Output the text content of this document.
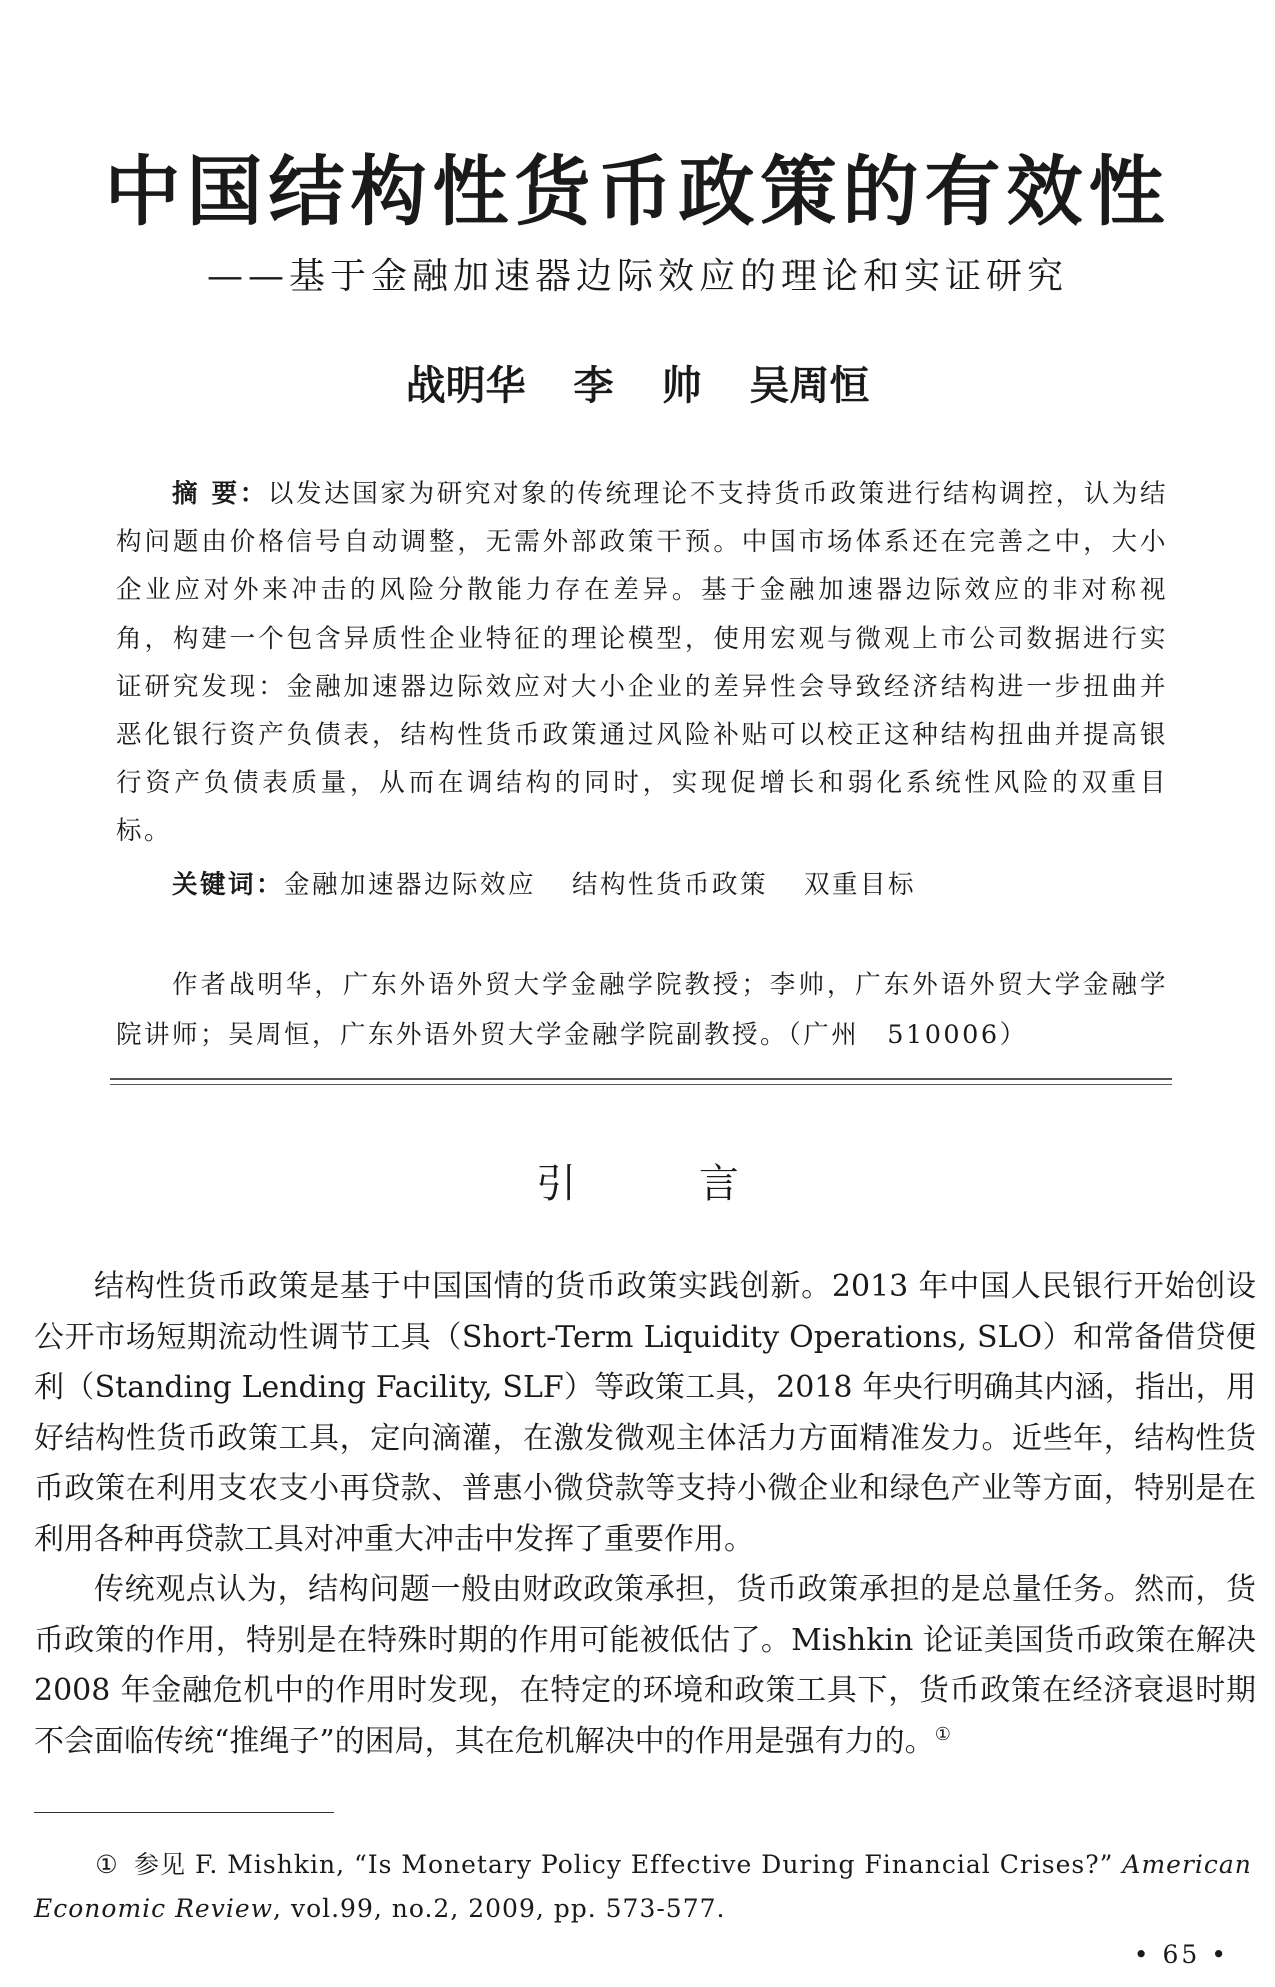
中国结构性货币政策的有效性
——基于金融加速器边际效应的理论和实证研究
战明华 李 帅 吴周恒
摘 要：以发达国家为研究对象的传统理论不支持货币政策进行结构调控，认为结构问题由价格信号自动调整，无需外部政策干预。中国市场体系还在完善之中，大小企业应对外来冲击的风险分散能力存在差异。基于金融加速器边际效应的非对称视角，构建一个包含异质性企业特征的理论模型，使用宏观与微观上市公司数据进行实证研究发现：金融加速器边际效应对大小企业的差异性会导致经济结构进一步扭曲并恶化银行资产负债表，结构性货币政策通过风险补贴可以校正这种结构扭曲并提高银行资产负债表质量，从而在调结构的同时，实现促增长和弱化系统性风险的双重目标。
关键词：金融加速器边际效应 结构性货币政策 双重目标
作者战明华，广东外语外贸大学金融学院教授；李帅，广东外语外贸大学金融学院讲师；吴周恒，广东外语外贸大学金融学院副教授。（广州　510006）
引 言

结构性货币政策是基于中国国情的货币政策实践创新。2013 年中国人民银行开始创设公开市场短期流动性调节工具（Short-Term Liquidity Operations, SLO）和常备借贷便利（Standing Lending Facility, SLF）等政策工具，2018 年央行明确其内涵，指出，用好结构性货币政策工具，定向滴灌，在激发微观主体活力方面精准发力。近些年，结构性货币政策在利用支农支小再贷款、普惠小微贷款等支持小微企业和绿色产业等方面，特别是在利用各种再贷款工具对冲重大冲击中发挥了重要作用。

传统观点认为，结构问题一般由财政政策承担，货币政策承担的是总量任务。然而，货币政策的作用，特别是在特殊时期的作用可能被低估了。Mishkin 论证美国货币政策在解决 2008 年金融危机中的作用时发现，在特定的环境和政策工具下，货币政策在经济衰退时期不会面临传统“推绳子”的困局，其在危机解决中的作用是强有力的。①

① 参见 F. Mishkin, “Is Monetary Policy Effective During Financial Crises?” American Economic Review, vol.99, no.2, 2009, pp. 573-577.
• 65 •
